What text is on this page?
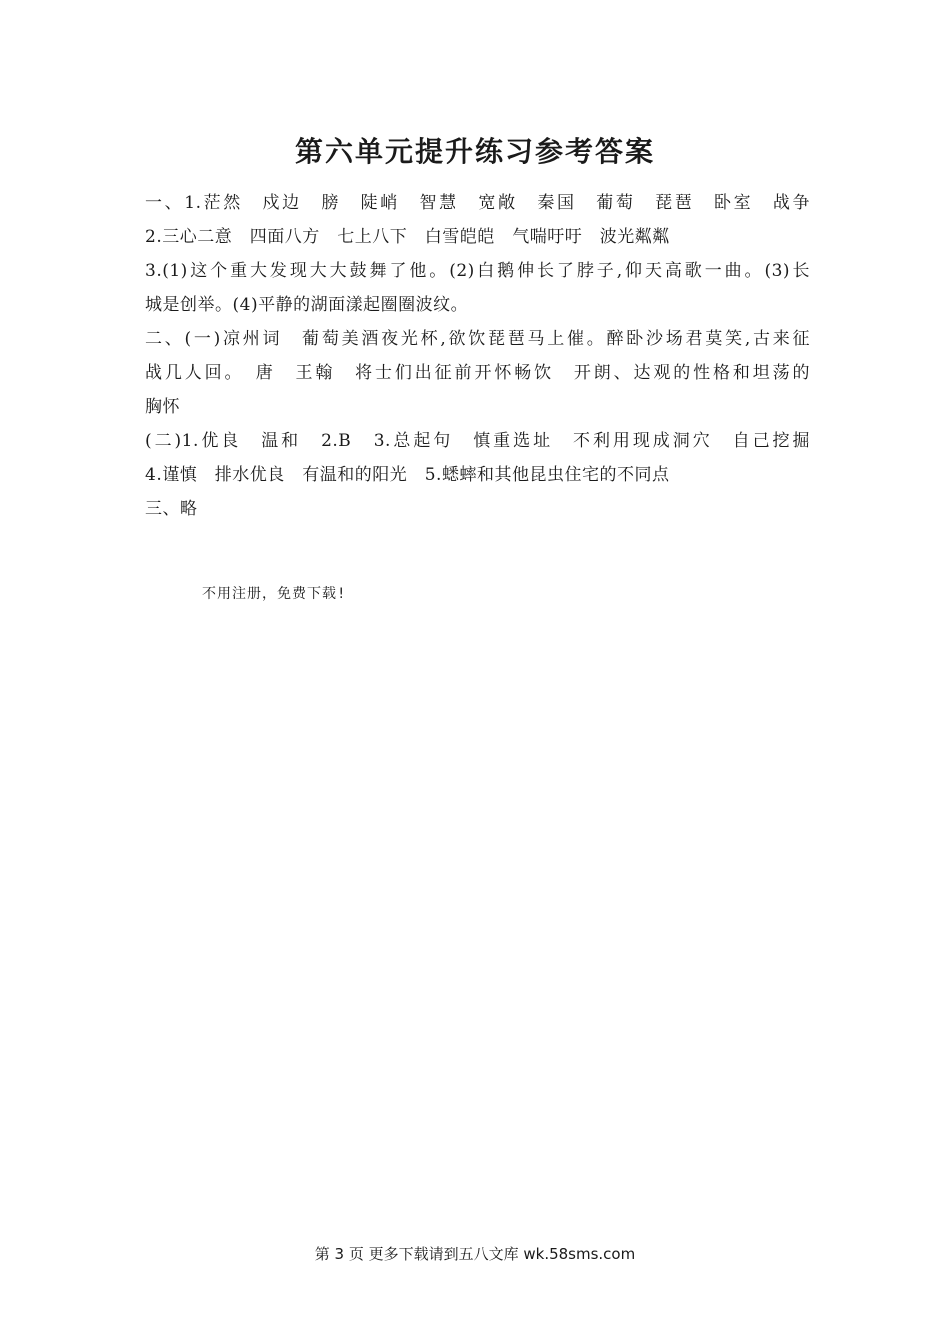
第六单元提升练习参考答案
一、1.茫然　戍边　膀　陡峭　智慧　宽敞　秦国　葡萄　琵琶　卧室　战争
2.三心二意　四面八方　七上八下　白雪皑皑　气喘吁吁　波光粼粼
3.(1)这个重大发现大大鼓舞了他。(2)白鹅伸长了脖子,仰天高歌一曲。(3)长
城是创举。(4)平静的湖面漾起圈圈波纹。
二、(一)凉州词　葡萄美酒夜光杯,欲饮琵琶马上催。醉卧沙场君莫笑,古来征
战几人回。　唐　王翰　将士们出征前开怀畅饮　开朗、达观的性格和坦荡的
胸怀
(二)1.优良　温和　2.B　3.总起句　慎重选址　不利用现成洞穴　自己挖掘
4.谨慎　排水优良　有温和的阳光　5.蟋蟀和其他昆虫住宅的不同点
三、略
不用注册，免费下载!
第 3 页 更多下载请到五八文库 wk.58sms.com
